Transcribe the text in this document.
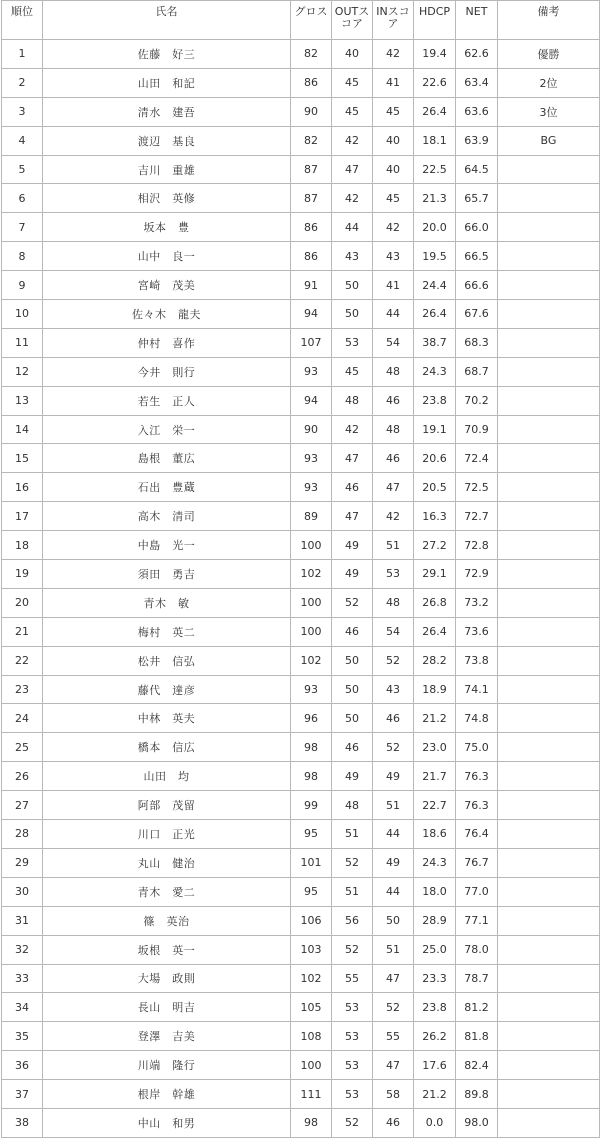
順位	氏名	グロス	OUTスコア	INスコア	HDCP	NET	備考
1	佐藤　好三	82	40	42	19.4	62.6	優勝
2	山田　和記	86	45	41	22.6	63.4	2位
3	清水　建吾	90	45	45	26.4	63.6	3位
4	渡辺　基良	82	42	40	18.1	63.9	BG
5	吉川　重雄	87	47	40	22.5	64.5	
6	相沢　英修	87	42	45	21.3	65.7	
7	坂本　豊	86	44	42	20.0	66.0	
8	山中　良一	86	43	43	19.5	66.5	
9	宮崎　茂美	91	50	41	24.4	66.6	
10	佐々木　龍夫	94	50	44	26.4	67.6	
11	仲村　喜作	107	53	54	38.7	68.3	
12	今井　則行	93	45	48	24.3	68.7	
13	若生　正人	94	48	46	23.8	70.2	
14	入江　栄一	90	42	48	19.1	70.9	
15	島根　董広	93	47	46	20.6	72.4	
16	石出　豊蔵	93	46	47	20.5	72.5	
17	高木　清司	89	47	42	16.3	72.7	
18	中島　光一	100	49	51	27.2	72.8	
19	須田　勇吉	102	49	53	29.1	72.9	
20	青木　敏	100	52	48	26.8	73.2	
21	梅村　英二	100	46	54	26.4	73.6	
22	松井　信弘	102	50	52	28.2	73.8	
23	藤代　達彦	93	50	43	18.9	74.1	
24	中林　英夫	96	50	46	21.2	74.8	
25	橋本　信広	98	46	52	23.0	75.0	
26	山田　均	98	49	49	21.7	76.3	
27	阿部　茂留	99	48	51	22.7	76.3	
28	川口　正光	95	51	44	18.6	76.4	
29	丸山　健治	101	52	49	24.3	76.7	
30	青木　愛二	95	51	44	18.0	77.0	
31	篠　英治	106	56	50	28.9	77.1	
32	坂根　英一	103	52	51	25.0	78.0	
33	大場　政則	102	55	47	23.3	78.7	
34	長山　明吉	105	53	52	23.8	81.2	
35	登澤　吉美	108	53	55	26.2	81.8	
36	川端　隆行	100	53	47	17.6	82.4	
37	根岸　幹雄	111	53	58	21.2	89.8	
38	中山　和男	98	52	46	0.0	98.0	
